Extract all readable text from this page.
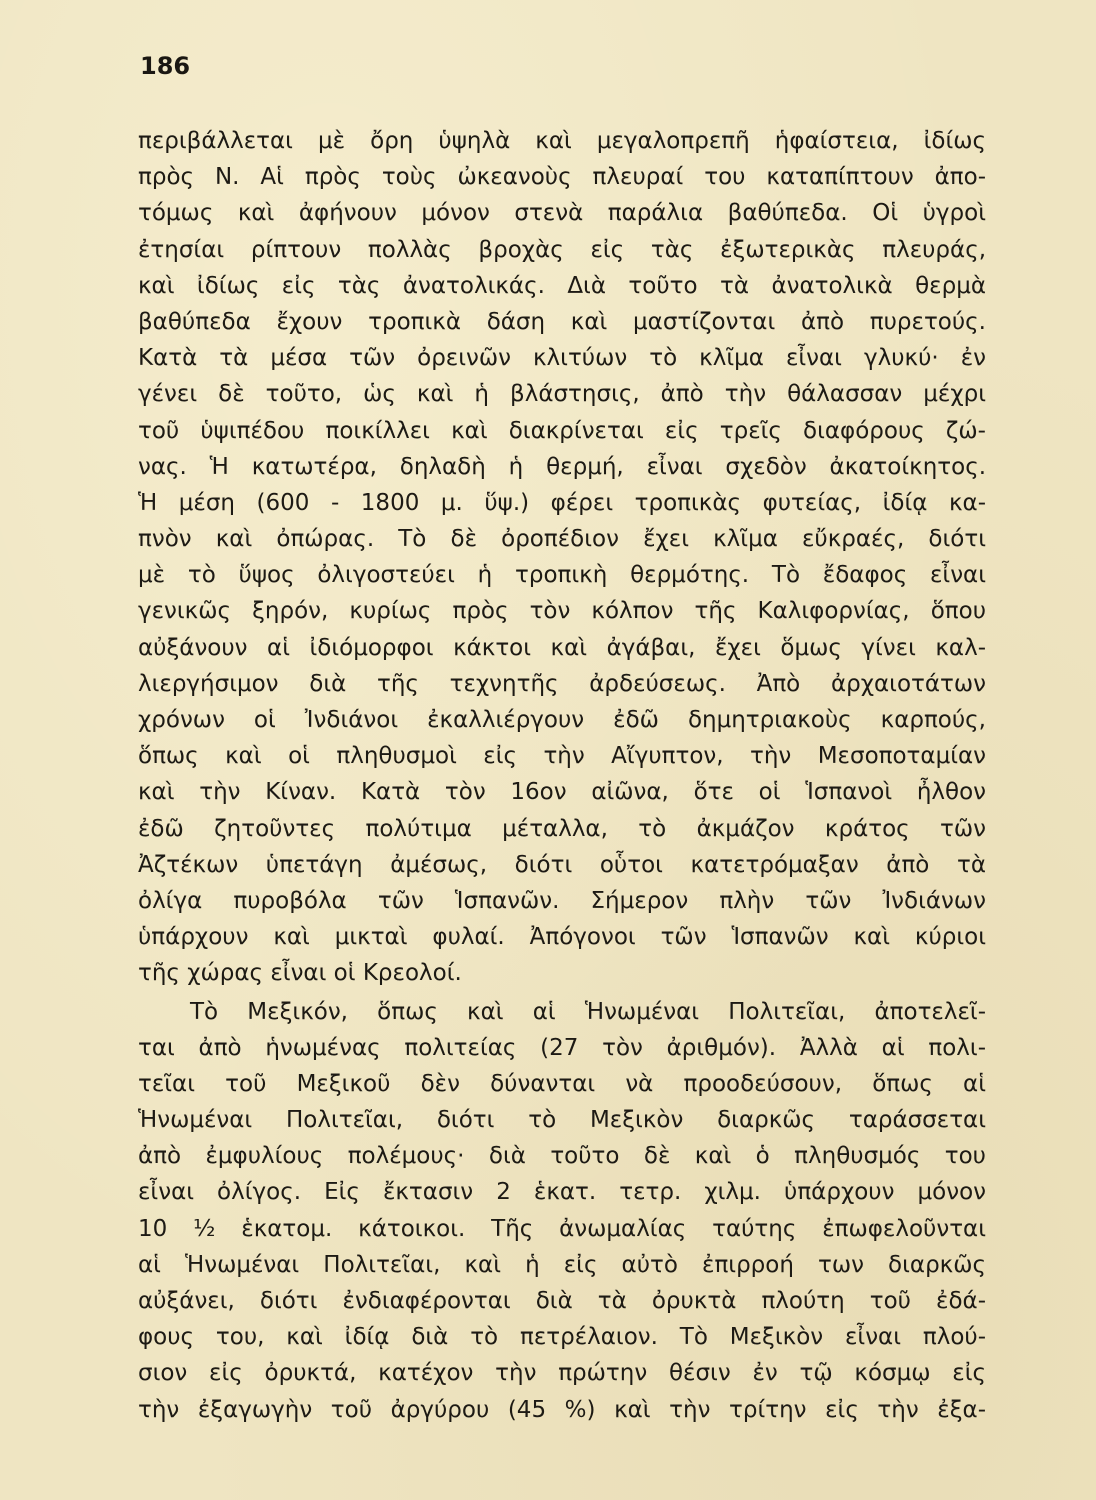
186
περιβάλλεται μὲ ὄρη ὑψηλὰ καὶ μεγαλοπρεπῆ ἡφαίστεια, ἰδίως
πρὸς Ν. Αἱ πρὸς τοὺς ὠκεανοὺς πλευραί του καταπίπτουν ἀπο-
τόμως καὶ ἀφήνουν μόνον στενὰ παράλια βαθύπεδα. Οἱ ὑγροὶ
ἐτησίαι ρίπτουν πολλὰς βροχὰς εἰς τὰς ἐξωτερικὰς πλευράς,
καὶ ἰδίως εἰς τὰς ἀνατολικάς. Διὰ τοῦτο τὰ ἀνατολικὰ θερμὰ
βαθύπεδα ἔχουν τροπικὰ δάση καὶ μαστίζονται ἀπὸ πυρετούς.
Κατὰ τὰ μέσα τῶν ὀρεινῶν κλιτύων τὸ κλῖμα εἶναι γλυκύ· ἐν
γένει δὲ τοῦτο, ὡς καὶ ἡ βλάστησις, ἀπὸ τὴν θάλασσαν μέχρι
τοῦ ὑψιπέδου ποικίλλει καὶ διακρίνεται εἰς τρεῖς διαφόρους ζώ-
νας. Ἡ κατωτέρα, δηλαδὴ ἡ θερμή, εἶναι σχεδὸν ἀκατοίκητος.
Ἡ μέση (600 - 1800 μ. ὕψ.) φέρει τροπικὰς φυτείας, ἰδίᾳ κα-
πνὸν καὶ ὀπώρας. Τὸ δὲ ὀροπέδιον ἔχει κλῖμα εὔκραές, διότι
μὲ τὸ ὕψος ὀλιγοστεύει ἡ τροπικὴ θερμότης. Τὸ ἔδαφος εἶναι
γενικῶς ξηρόν, κυρίως πρὸς τὸν κόλπον τῆς Καλιφορνίας, ὅπου
αὐξάνουν αἱ ἰδιόμορφοι κάκτοι καὶ ἀγάβαι, ἔχει ὅμως γίνει καλ-
λιεργήσιμον διὰ τῆς τεχνητῆς ἀρδεύσεως. Ἀπὸ ἀρχαιοτάτων
χρόνων οἱ Ἰνδιάνοι ἐκαλλιέργουν ἐδῶ δημητριακοὺς καρπούς,
ὅπως καὶ οἱ πληθυσμοὶ εἰς τὴν Αἴγυπτον, τὴν Μεσοποταμίαν
καὶ τὴν Κίναν. Κατὰ τὸν 16ον αἰῶνα, ὅτε οἱ Ἱσπανοὶ ἦλθον
ἐδῶ ζητοῦντες πολύτιμα μέταλλα, τὸ ἀκμάζον κράτος τῶν
Ἀζτέκων ὑπετάγη ἀμέσως, διότι οὗτοι κατετρόμαξαν ἀπὸ τὰ
ὀλίγα πυροβόλα τῶν Ἱσπανῶν. Σήμερον πλὴν τῶν Ἰνδιάνων
ὑπάρχουν καὶ μικταὶ φυλαί. Ἀπόγονοι τῶν Ἱσπανῶν καὶ κύριοι
τῆς χώρας εἶναι οἱ Κρεολοί.
Τὸ Μεξικόν, ὅπως καὶ αἱ Ἡνωμέναι Πολιτεῖαι, ἀποτελεῖ-
ται ἀπὸ ἡνωμένας πολιτείας (27 τὸν ἀριθμόν). Ἀλλὰ αἱ πολι-
τεῖαι τοῦ Μεξικοῦ δὲν δύνανται νὰ προοδεύσουν, ὅπως αἱ
Ἡνωμέναι Πολιτεῖαι, διότι τὸ Μεξικὸν διαρκῶς ταράσσεται
ἀπὸ ἐμφυλίους πολέμους· διὰ τοῦτο δὲ καὶ ὁ πληθυσμός του
εἶναι ὀλίγος. Εἰς ἔκτασιν 2 ἑκατ. τετρ. χιλμ. ὑπάρχουν μόνον
10 ½ ἑκατομ. κάτοικοι. Τῆς ἀνωμαλίας ταύτης ἐπωφελοῦνται
αἱ Ἡνωμέναι Πολιτεῖαι, καὶ ἡ εἰς αὐτὸ ἐπιρροή των διαρκῶς
αὐξάνει, διότι ἐνδιαφέρονται διὰ τὰ ὀρυκτὰ πλούτη τοῦ ἐδά-
φους του, καὶ ἰδίᾳ διὰ τὸ πετρέλαιον. Τὸ Μεξικὸν εἶναι πλού-
σιον εἰς ὀρυκτά, κατέχον τὴν πρώτην θέσιν ἐν τῷ κόσμῳ εἰς
τὴν ἐξαγωγὴν τοῦ ἀργύρου (45 %) καὶ τὴν τρίτην εἰς τὴν ἐξα-
